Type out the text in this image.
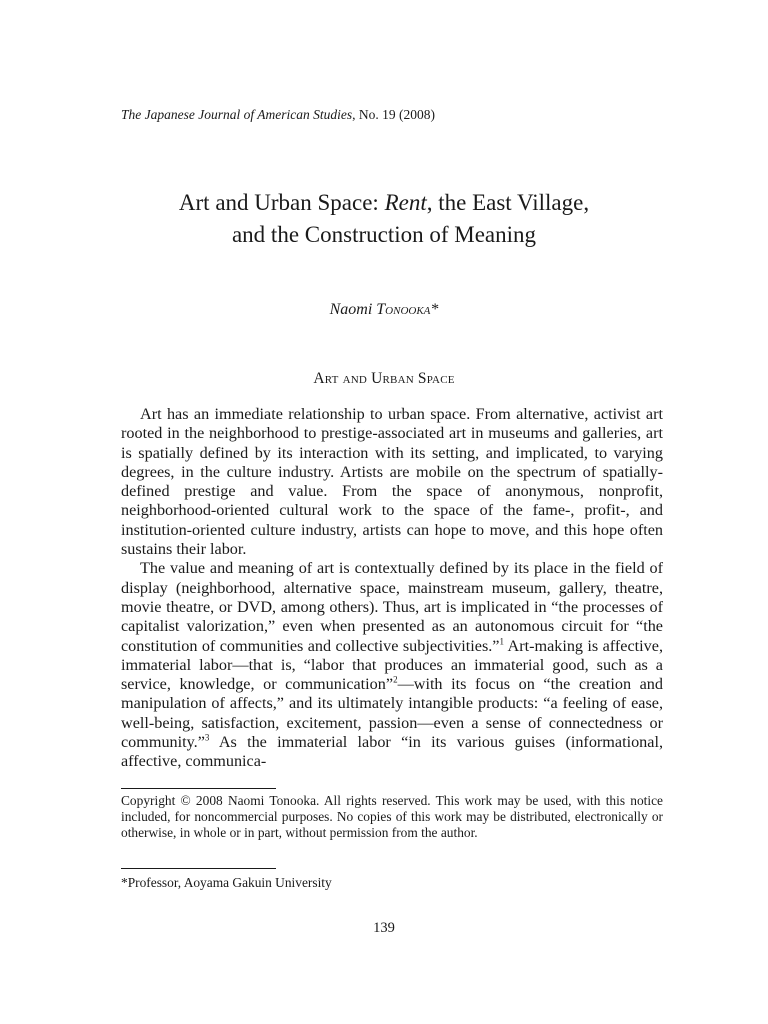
The Japanese Journal of American Studies, No. 19 (2008)
Art and Urban Space: Rent, the East Village,
and the Construction of Meaning
Naomi Tonooka*
Art and Urban Space

Art has an immediate relationship to urban space. From alternative, activist art rooted in the neighborhood to prestige-associated art in museums and galleries, art is spatially defined by its interaction with its setting, and implicated, to varying degrees, in the culture industry. Artists are mobile on the spectrum of spatially-defined prestige and value. From the space of anonymous, nonprofit, neighborhood-oriented cultural work to the space of the fame-, profit-, and institution-oriented culture industry, artists can hope to move, and this hope often sustains their labor.

The value and meaning of art is contextually defined by its place in the field of display (neighborhood, alternative space, mainstream museum, gallery, theatre, movie theatre, or DVD, among others). Thus, art is implicated in “the processes of capitalist valorization,” even when presented as an autonomous circuit for “the constitution of communities and collective subjectivities.”$^1$ Art-making is affective, immaterial labor—that is, “labor that produces an immaterial good, such as a service, knowledge, or communication”$^2$—with its focus on “the creation and manipulation of affects,” and its ultimately intangible products: “a feeling of ease, well-being, satisfaction, excitement, passion—even a sense of connectedness or community.”$^3$ As the immaterial labor “in its various guises (informational, affective, communica-

Copyright © 2008 Naomi Tonooka. All rights reserved. This work may be used, with this notice included, for noncommercial purposes. No copies of this work may be distributed, electronically or otherwise, in whole or in part, without permission from the author.
*Professor, Aoyama Gakuin University
139
